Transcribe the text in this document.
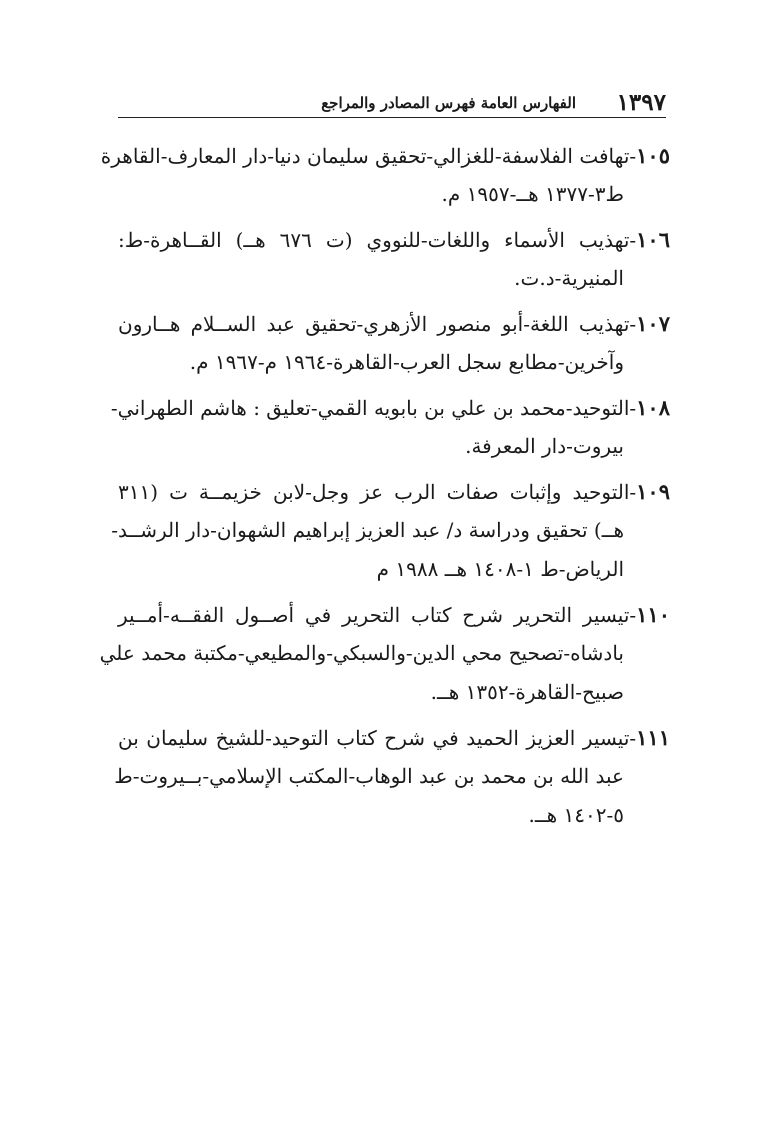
١٣٩٧
الفهارس العامة فهرس المصادر والمراجع
١٠٥-تهافت الفلاسفة-للغزالي-تحقيق سليمان دنيا-دار المعارف-القاهرة
ط٣-١٣٧٧ هــ-١٩٥٧ م.
١٠٦-تهذيب الأسماء واللغات-للنووي (ت ٦٧٦ هــ) القــاهرة-ط:
المنيرية-د.ت.
١٠٧-تهذيب اللغة-أبو منصور الأزهري-تحقيق عبد الســلام هــارون
وآخرين-مطابع سجل العرب-القاهرة-١٩٦٤ م-١٩٦٧ م.
١٠٨-التوحيد-محمد بن علي بن بابويه القمي-تعليق : هاشم الطهراني-
بيروت-دار المعرفة.
١٠٩-التوحيد وإثبات صفات الرب عز وجل-لابن خزيمــة ت (٣١١
هــ) تحقيق ودراسة د/ عبد العزيز إبراهيم الشهوان-دار الرشــد-
الرياض-ط ١-١٤٠٨ هــ ١٩٨٨ م
١١٠-تيسير التحرير شرح كتاب التحرير في أصــول الفقــه-أمــير
بادشاه-تصحيح محي الدين-والسبكي-والمطيعي-مكتبة محمد علي
صبيح-القاهرة-١٣٥٢ هــ.
١١١-تيسير العزيز الحميد في شرح كتاب التوحيد-للشيخ سليمان بن
عبد الله بن محمد بن عبد الوهاب-المكتب الإسلامي-بــيروت-ط
٥-١٤٠٢ هــ.
